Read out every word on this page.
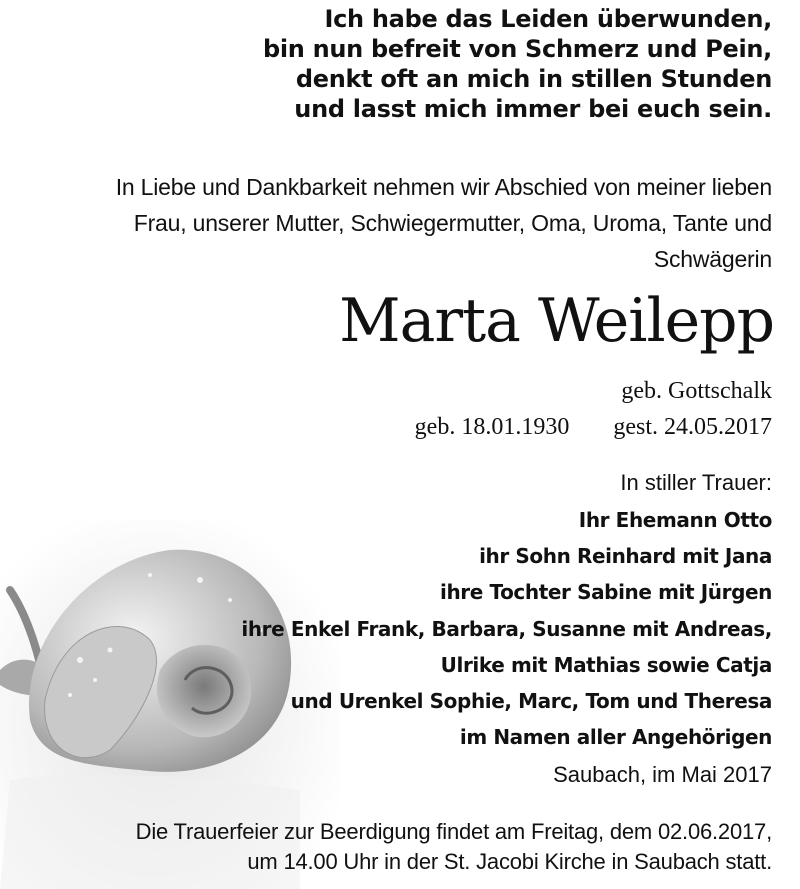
Ich habe das Leiden überwunden,
bin nun befreit von Schmerz und Pein,
denkt oft an mich in stillen Stunden
und lasst mich immer bei euch sein.
In Liebe und Dankbarkeit nehmen wir Abschied von meiner lieben
Frau, unserer Mutter, Schwiegermutter, Oma, Uroma, Tante und
Schwägerin
Marta Weilepp
geb. Gottschalk
geb. 18.01.1930 gest. 24.05.2017
In stiller Trauer:
Ihr Ehemann Otto
ihr Sohn Reinhard mit Jana
ihre Tochter Sabine mit Jürgen
ihre Enkel Frank, Barbara, Susanne mit Andreas,
Ulrike mit Mathias sowie Catja
und Urenkel Sophie, Marc, Tom und Theresa
im Namen aller Angehörigen
Saubach, im Mai 2017
Die Trauerfeier zur Beerdigung findet am Freitag, dem 02.06.2017,
um 14.00 Uhr in der St. Jacobi Kirche in Saubach statt.
